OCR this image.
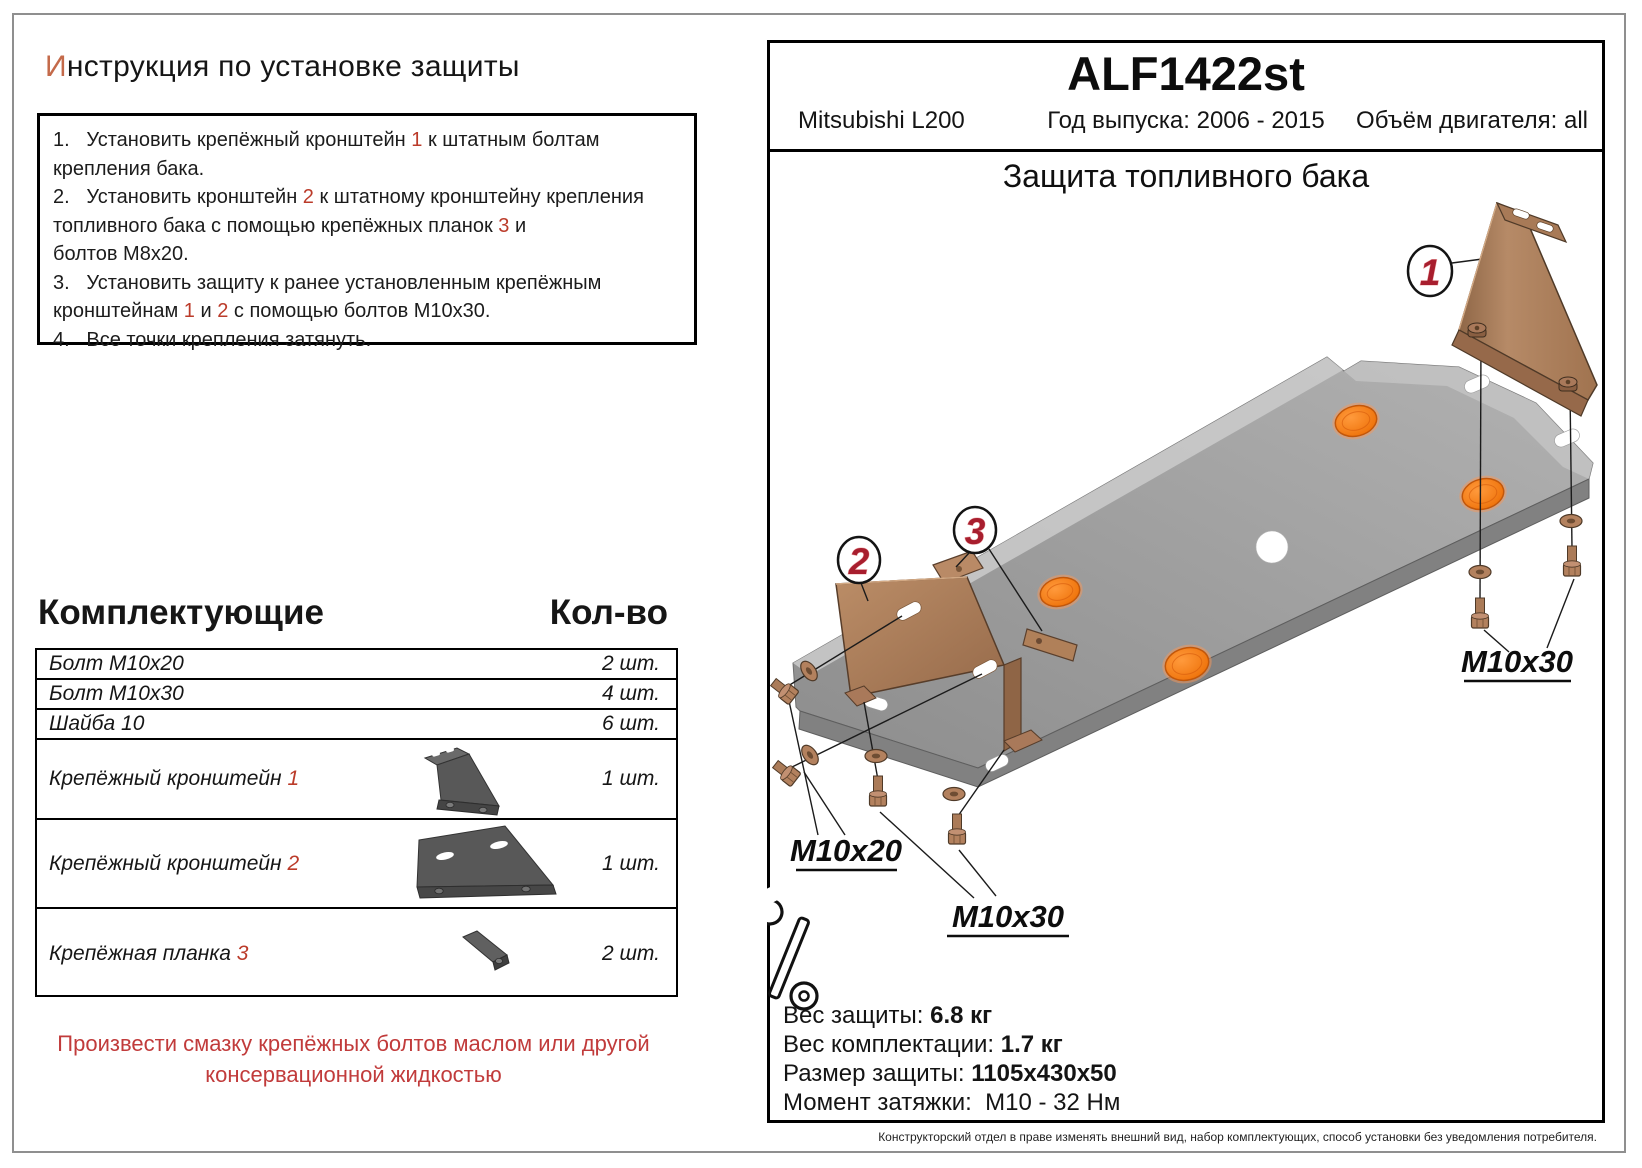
Инструкция по установке защиты
1.   Установить крепёжный кронштейн 1 к штатным болтам
крепления бака.
2.   Установить кронштейн 2 к штатному кронштейну крепления
топливного бака с помощью крепёжных планок 3 и
болтов М8х20.
3.   Установить защиту к ранее установленным крепёжным
кронштейнам 1 и 2 с помощью болтов М10х30.
4.   Все точки крепления затянуть.
Комплектующие	Кол-во
Болт М10х20	2 шт.
Болт М10х30	4 шт.
Шайба 10	6 шт.
Крепёжный кронштейн 1	1 шт.
Крепёжный кронштейн 2	1 шт.
Крепёжная планка 3	2 шт.
Произвести смазку крепёжных болтов маслом или другой
консервационной жидкостью
ALF1422st
Mitsubishi L200	Год выпуска: 2006 - 2015	Объём двигателя: all
Защита топливного бака
1
2
3
М10х20
М10х30
М10х30
Вес защиты: 6.8 кг
Вес комплектации: 1.7 кг
Размер защиты: 1105х430х50
Момент затяжки:  М10 - 32 Нм
Конструкторский отдел в праве изменять внешний вид, набор комплектующих, способ установки без уведомления потребителя.
